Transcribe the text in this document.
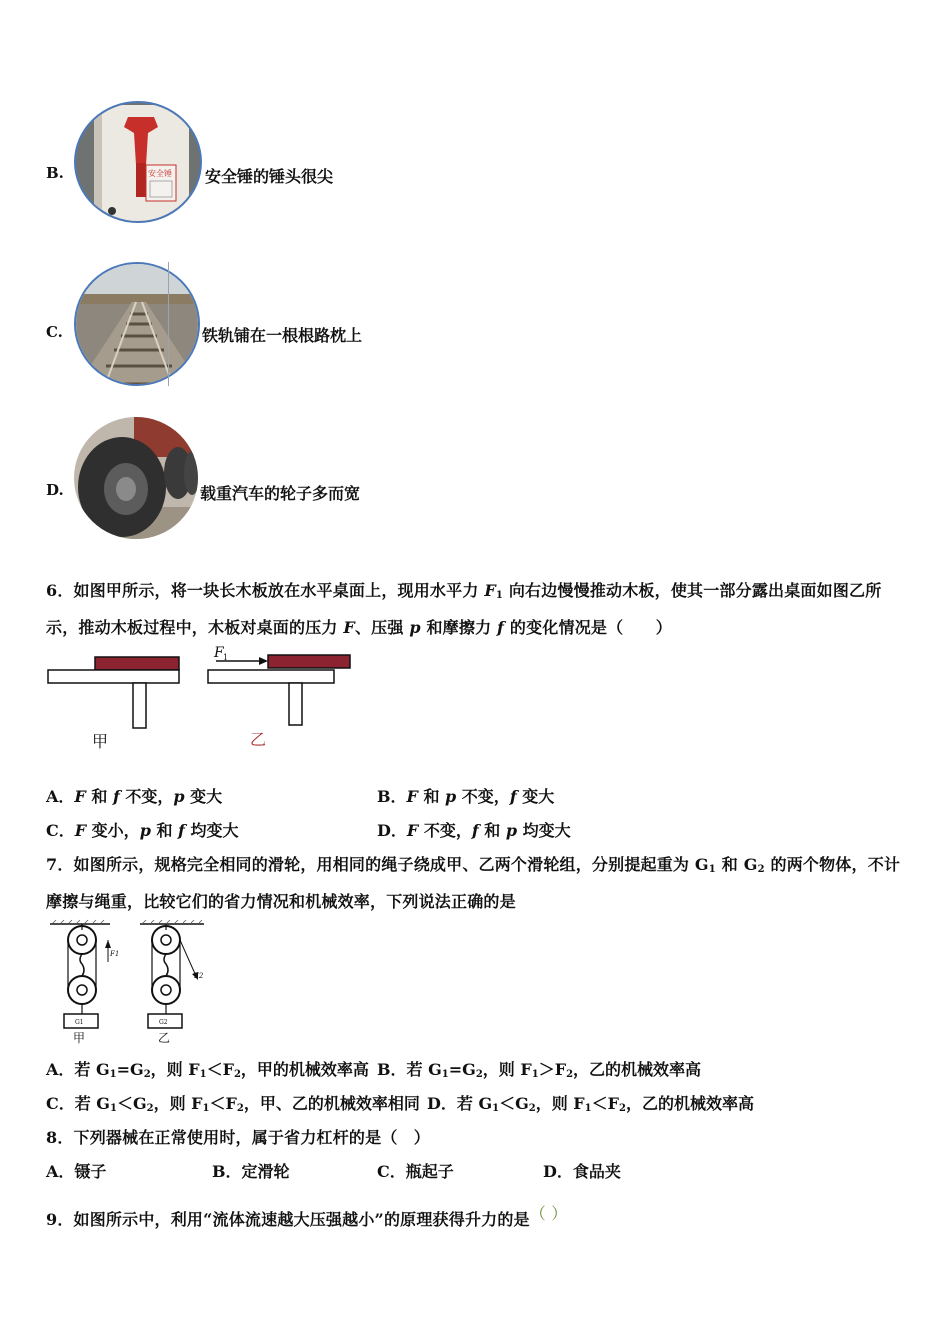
B.	安全锤 安全锤的锤头很尖
C.	铁轨铺在一根根路枕上
D.	载重汽车的轮子多而宽
6．如图甲所示，将一块长木板放在水平桌面上，现用水平力 $F_1$ 向右边慢慢推动木板，使其一部分露出桌面如图乙所
示，推动木板过程中，木板对桌面的压力 F、压强 p 和摩擦力 f 的变化情况是（　　）
甲
F 1
乙
A．F 和 f 不变，p 变大	B．F 和 p 不变，f 变大
C．F 变小，p 和 f 均变大	D．F 不变，f 和 p 均变大
7．如图所示，规格完全相同的滑轮，用相同的绳子绕成甲、乙两个滑轮组，分别提起重为 $G_1$ 和 $G_2$ 的两个物体，不计
摩擦与绳重，比较它们的省力情况和机械效率，下列说法正确的是
F1
G1
甲
F2
G2
乙
A．若 $G_1=G_2$，则 $F_1<F_2$，甲的机械效率高 B．若 $G_1=G_2$，则 $F_1>F_2$，乙的机械效率高
C．若 $G_1<G_2$，则 $F_1<F_2$，甲、乙的机械效率相同 D．若 $G_1<G_2$，则 $F_1<F_2$，乙的机械效率高
8．下列器械在正常使用时，属于省力杠杆的是（　）
A．镊子	B．定滑轮	C．瓶起子	D．食品夹
9．如图所示中，利用“流体流速越大压强越小”的原理获得升力的是（ ）
